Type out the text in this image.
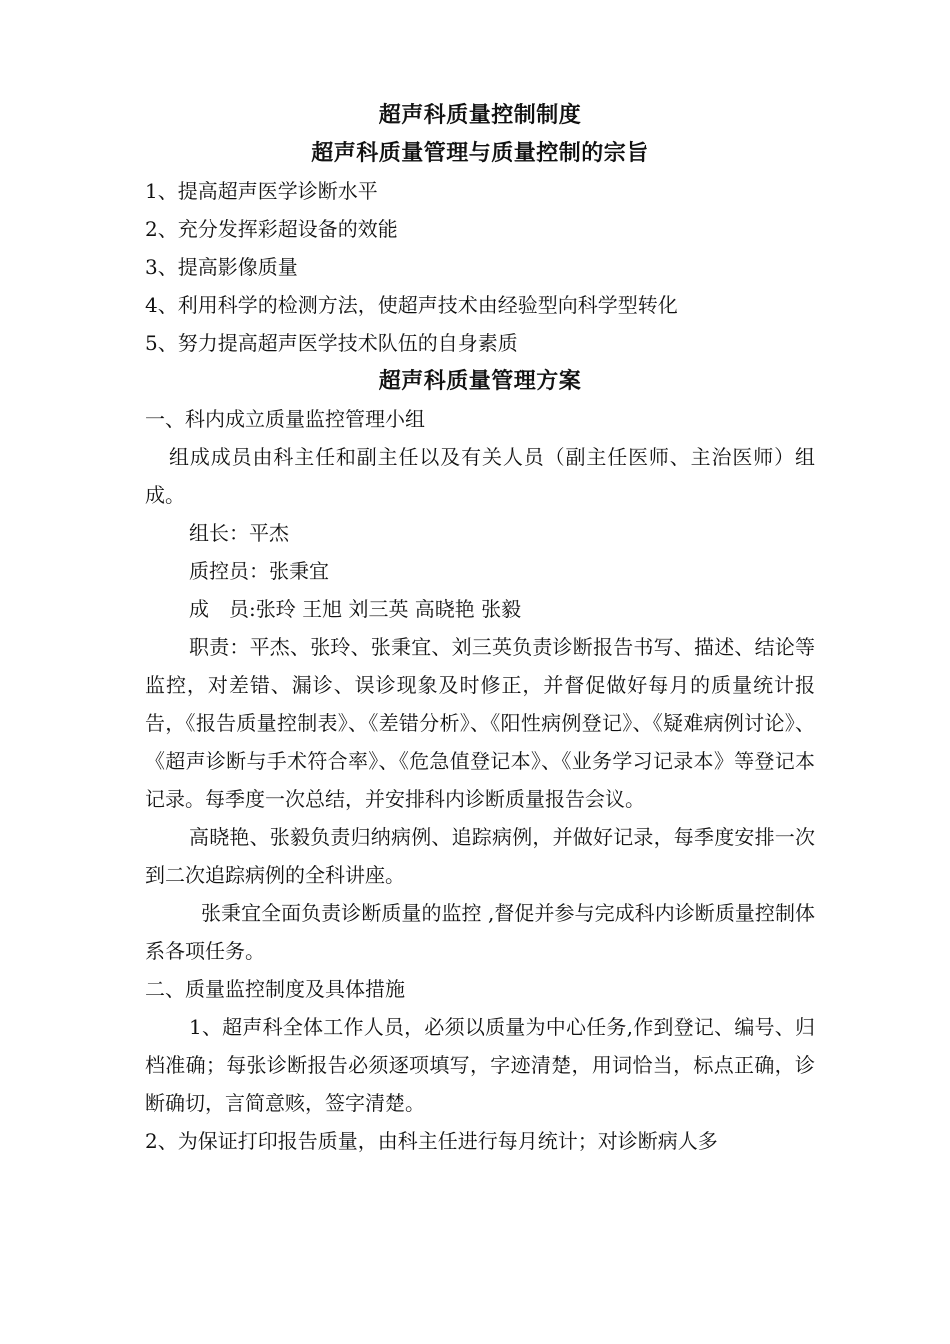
超声科质量控制制度
超声科质量管理与质量控制的宗旨

1、提高超声医学诊断水平

2、充分发挥彩超设备的效能

3、提高影像质量

4、利用科学的检测方法，使超声技术由经验型向科学型转化

5、努力提高超声医学技术队伍的自身素质

超声科质量管理方案

一、科内成立质量监控管理小组

组成成员由科主任和副主任以及有关人员（副主任医师、主治医师）组成。

组长：平杰

质控员：张秉宜

成　员:张玲 王旭 刘三英 高晓艳 张毅

职责：平杰、张玲、张秉宜、刘三英负责诊断报告书写、描述、结论等监控，对差错、漏诊、误诊现象及时修正，并督促做好每月的质量统计报告，《报告质量控制表》、《差错分析》、《阳性病例登记》、《疑难病例讨论》、《超声诊断与手术符合率》、《危急值登记本》、《业务学习记录本》等登记本记录。每季度一次总结，并安排科内诊断质量报告会议。

高晓艳、张毅负责归纳病例、追踪病例，并做好记录，每季度安排一次到二次追踪病例的全科讲座。

张秉宜全面负责诊断质量的监控 ,督促并参与完成科内诊断质量控制体系各项任务。

二、质量监控制度及具体措施

1、超声科全体工作人员，必须以质量为中心任务,作到登记、编号、归档准确；每张诊断报告必须逐项填写，字迹清楚，用词恰当，标点正确，诊断确切，言简意赅，签字清楚。

2、为保证打印报告质量，由科主任进行每月统计；对诊断病人多
